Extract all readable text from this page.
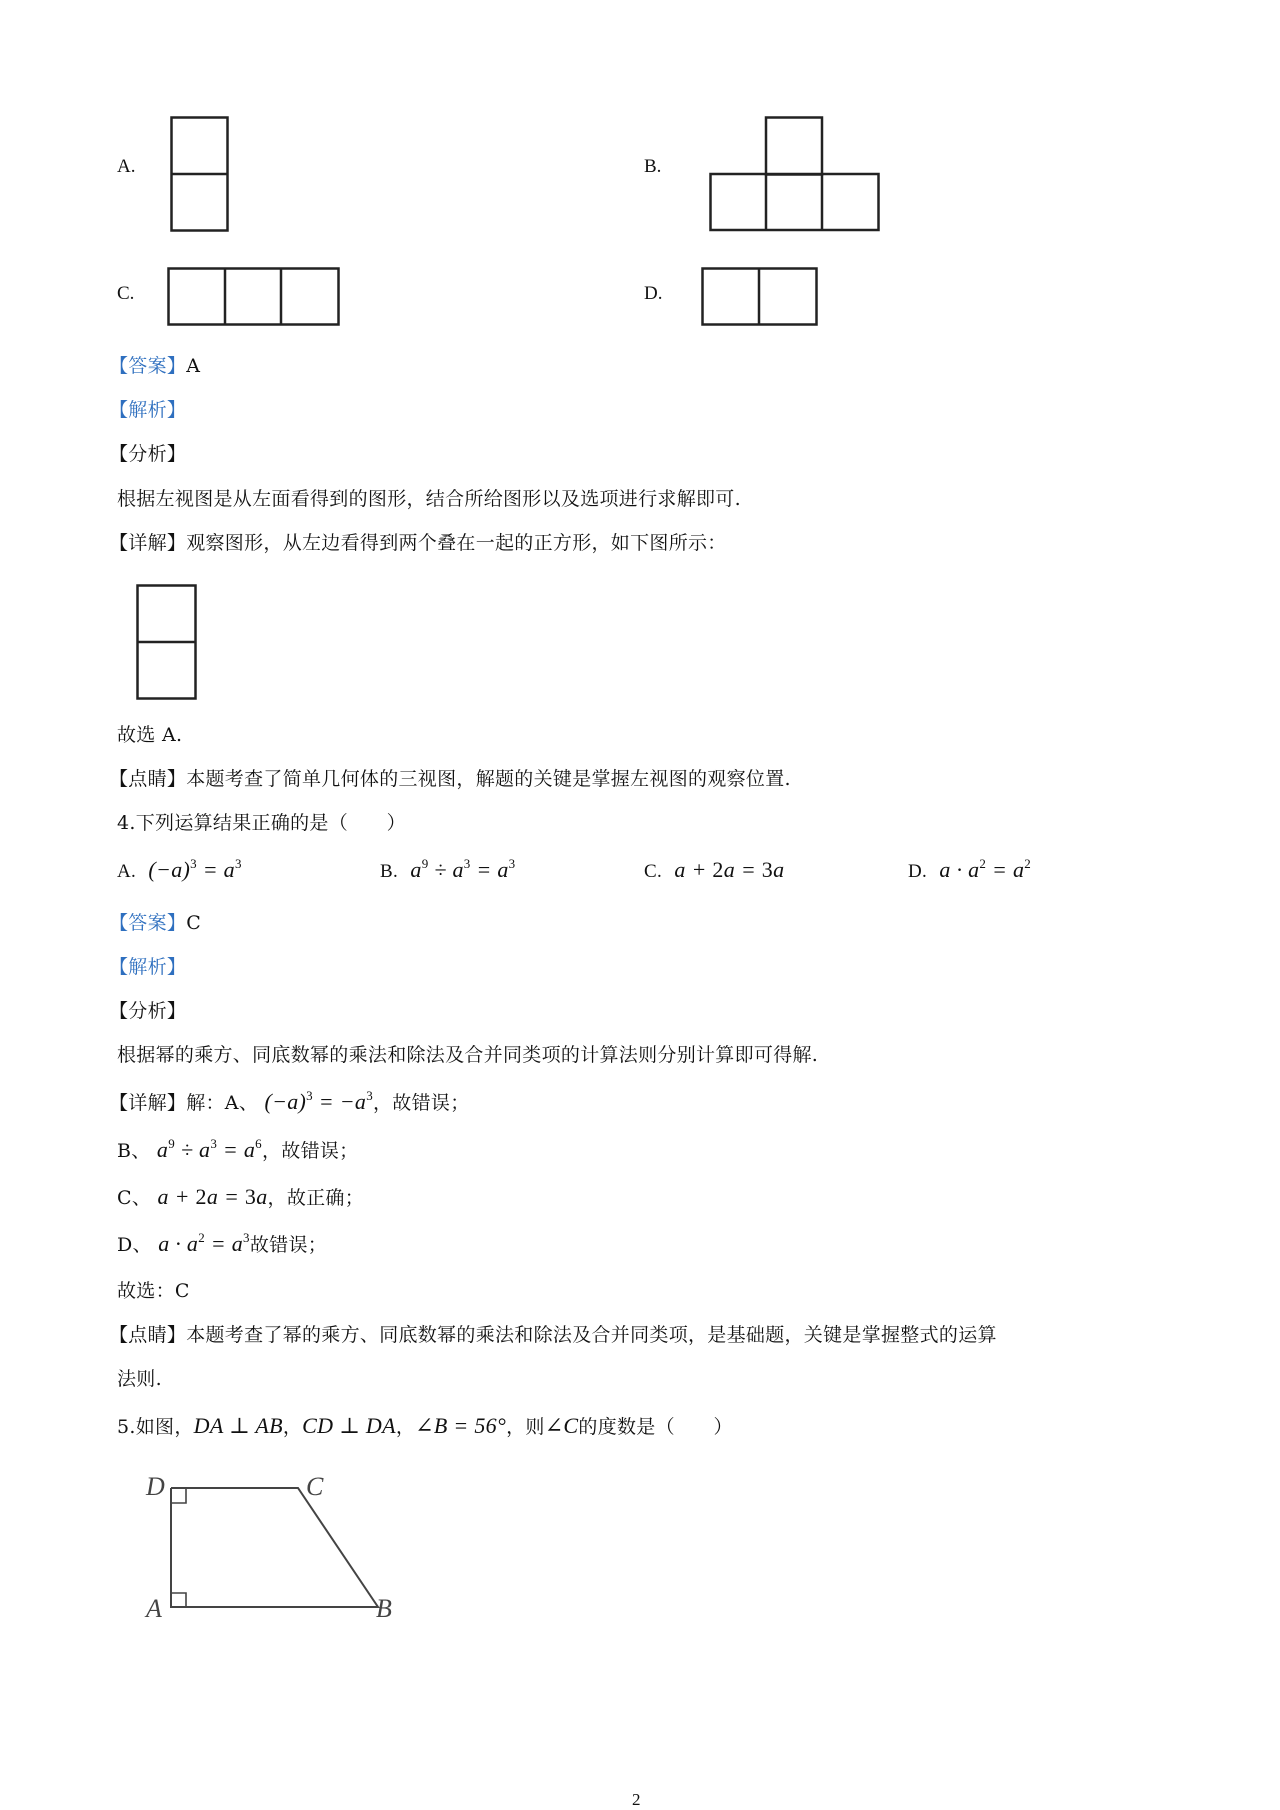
A.	B.
C.	D.
【答案】A
【解析】
【分析】
根据左视图是从左面看得到的图形，结合所给图形以及选项进行求解即可.
【详解】观察图形，从左边看得到两个叠在一起的正方形，如下图所示：
故选 A.
【点睛】本题考查了简单几何体的三视图，解题的关键是掌握左视图的观察位置.
4.下列运算结果正确的是（　　）
A. $(-a)^3 = a^3$	B. $a^9 \div a^3 = a^3$	C. a + 2a = 3a	D. $a \cdot a^2 = a^2$
【答案】C
【解析】
【分析】
根据幂的乘方、同底数幂的乘法和除法及合并同类项的计算法则分别计算即可得解.
【详解】解：A、 $(-a)^3 = -a^3$，故错误；
B、 $a^9 \div a^3 = a^6$，故错误；
C、 a + 2a = 3a，故正确；
D、 $a \cdot a^2 = a^3$故错误；
故选：C
【点睛】本题考查了幂的乘方、同底数幂的乘法和除法及合并同类项，是基础题，关键是掌握整式的运算
法则.
5.如图，DA ⊥ AB，CD ⊥ DA，∠B = 56°，则∠C的度数是（　　）
D	C
A	B
2
